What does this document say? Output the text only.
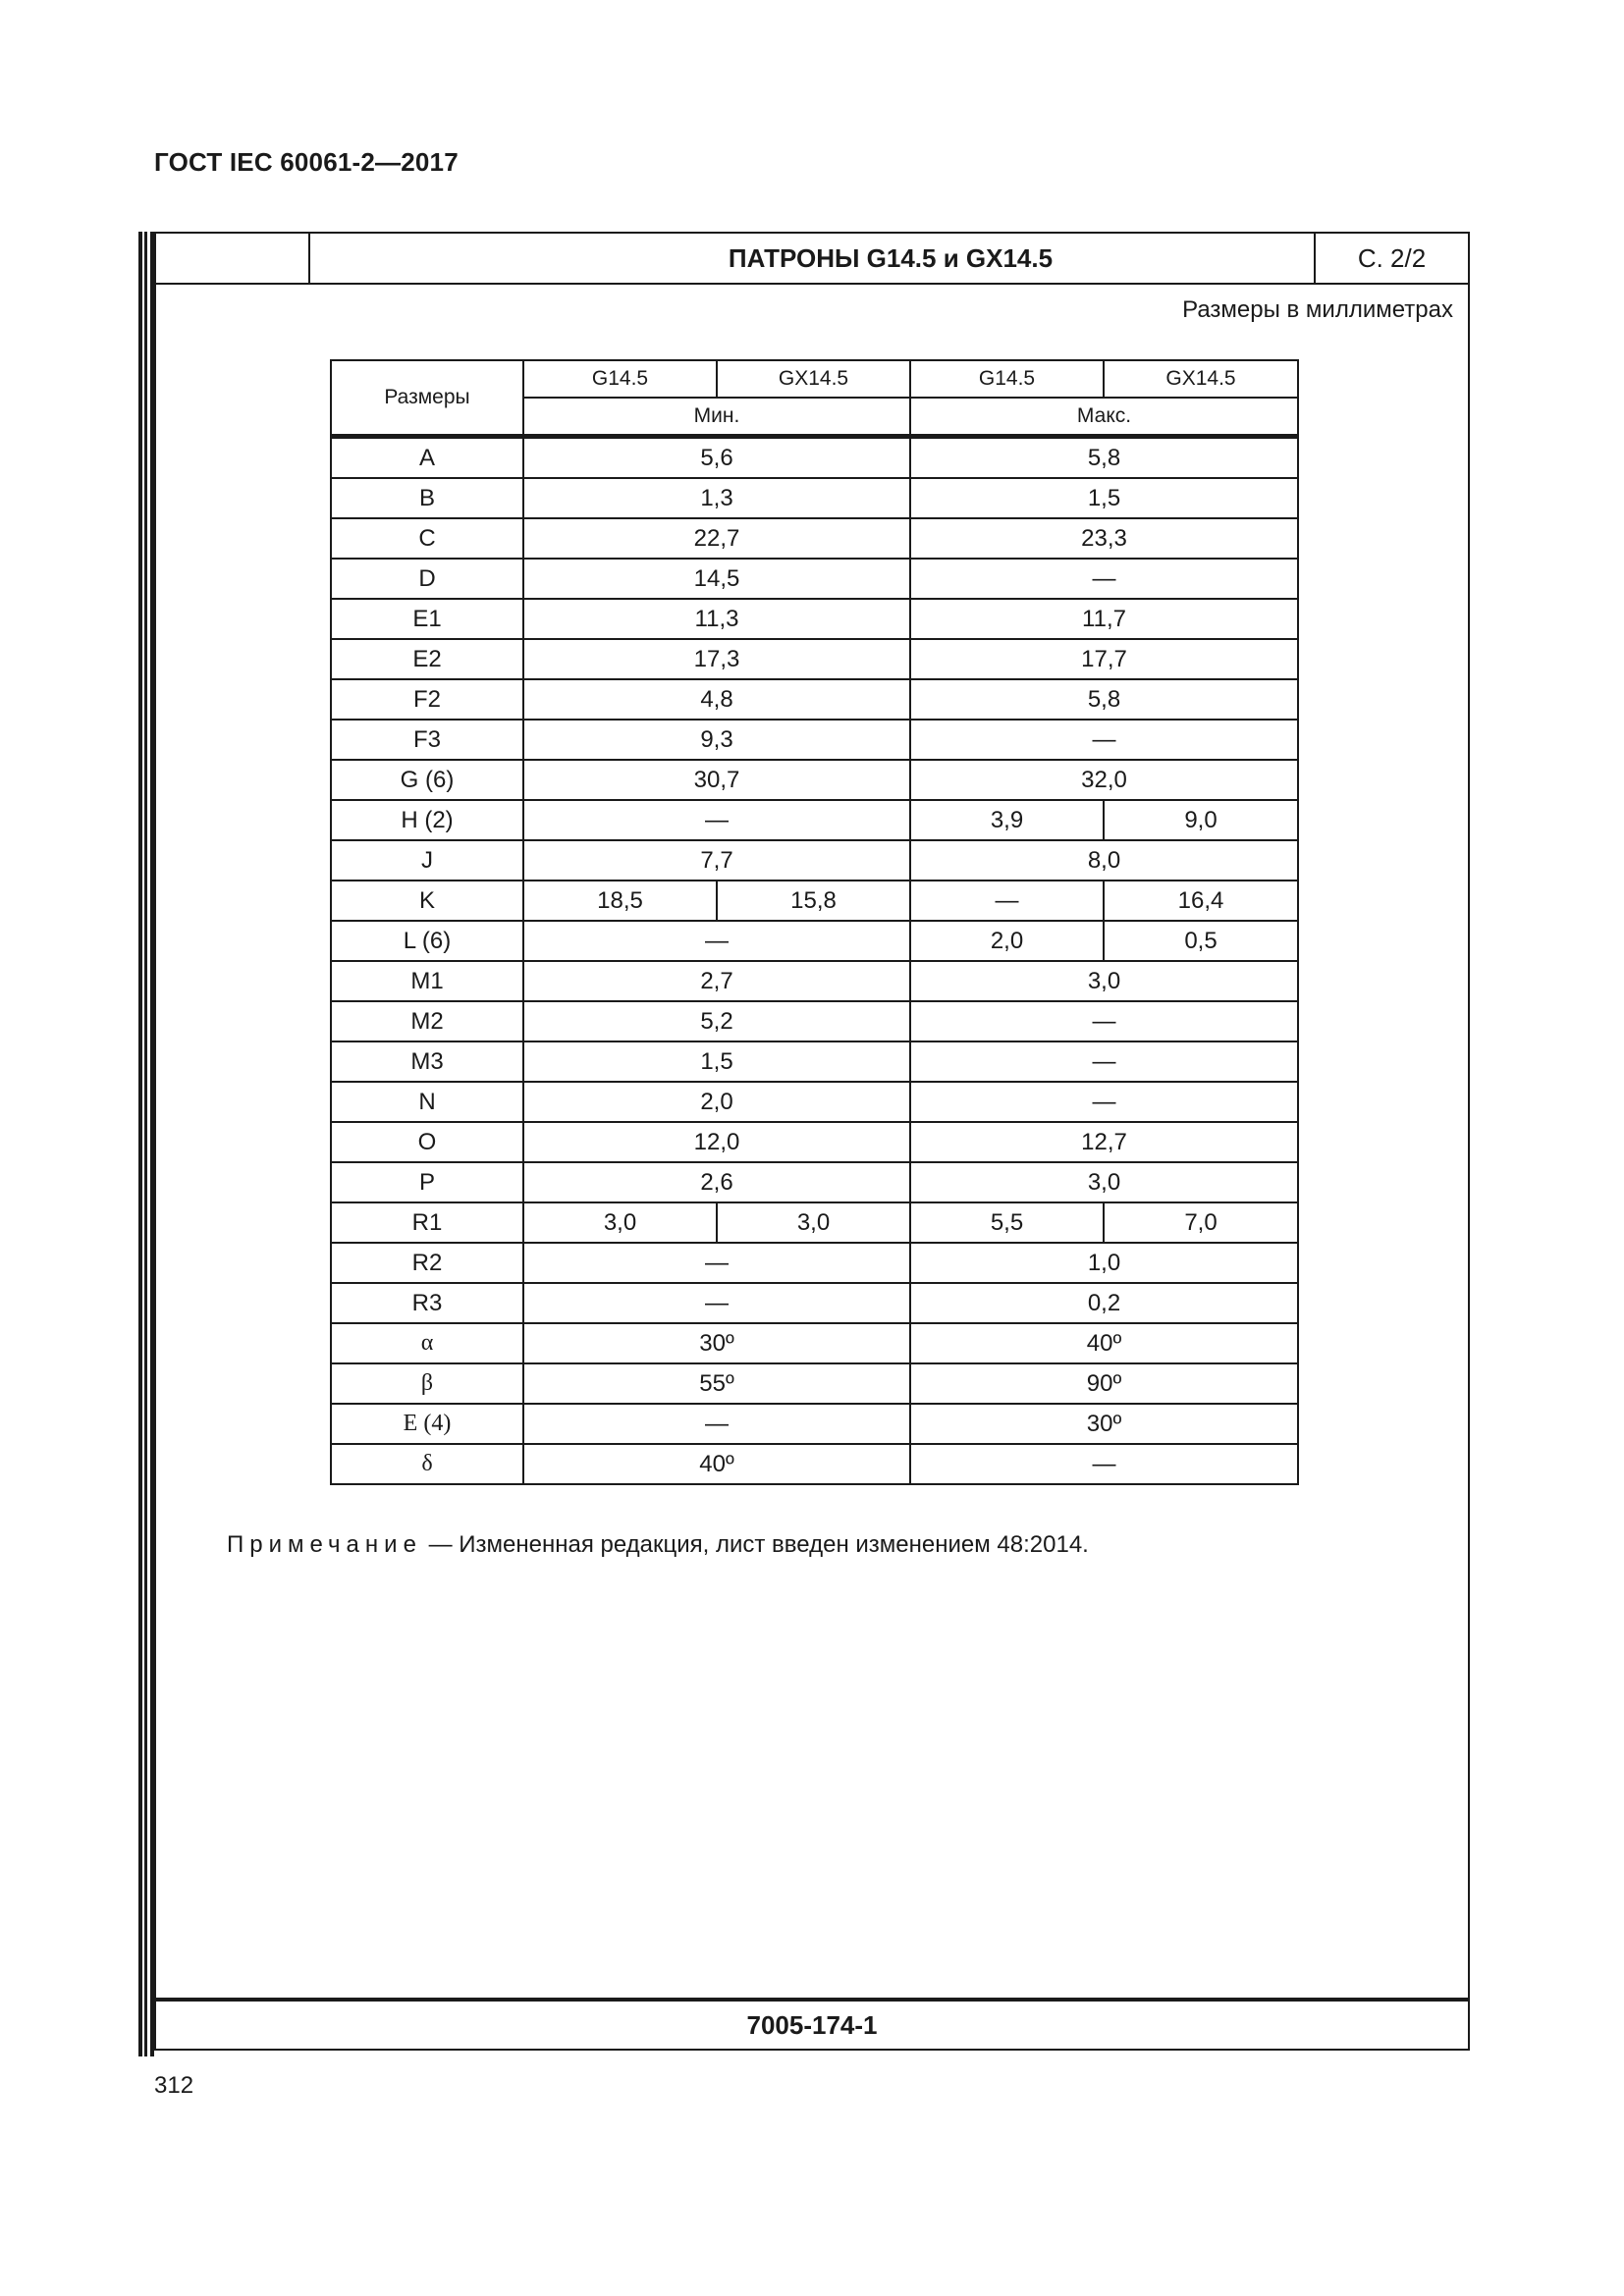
ГОСТ IEC 60061-2—2017
ПАТРОНЫ G14.5 и GX14.5	С. 2/2
Размеры в миллиметрах
Размеры	G14.5	GX14.5	G14.5	GX14.5
	Мин.		Макс.	
A	5,6		5,8	
B	1,3		1,5	
C	22,7		23,3	
D	14,5		—	
E1	11,3		11,7	
E2	17,3		17,7	
F2	4,8		5,8	
F3	9,3		—	
G (6)	30,7		32,0	
H (2)	—		3,9	9,0
J	7,7		8,0	
K	18,5	15,8	—	16,4
L (6)	—		2,0	0,5
M1	2,7		3,0	
M2	5,2		—	
M3	1,5		—	
N	2,0		—	
O	12,0		12,7	
P	2,6		3,0	
R1	3,0	3,0	5,5	7,0
R2	—		1,0	
R3	—		0,2	
α	30º		40º	
β	55º		90º	
Ε (4)	—		30º	
δ	40º		—	
Примечание — Измененная редакция, лист введен изменением 48:2014.
7005-174-1
312
